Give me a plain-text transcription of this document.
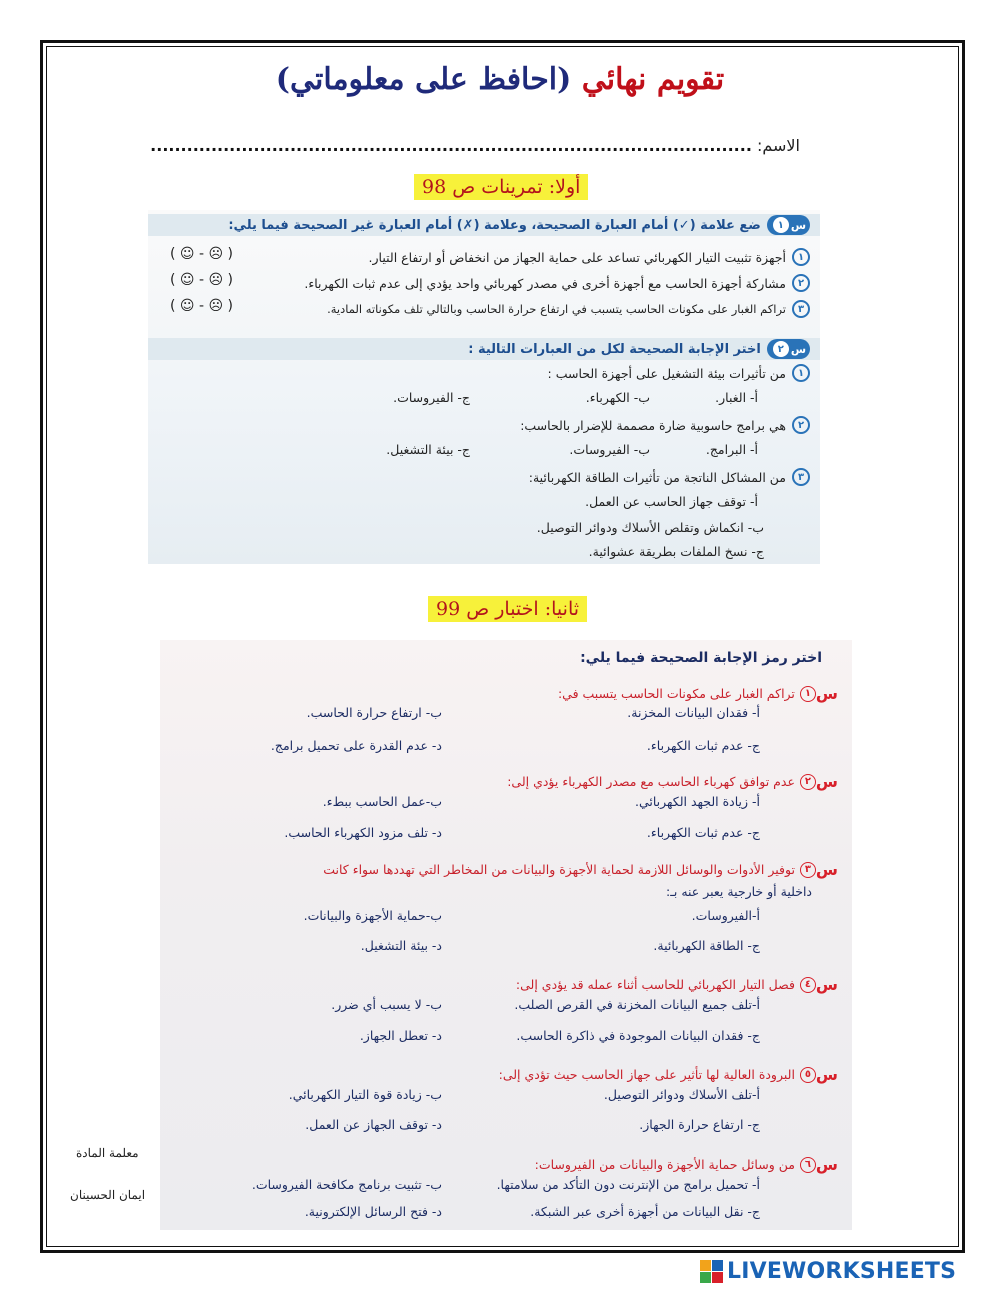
تقويم نهائي (احافظ على معلوماتي)
الاسم: ...................................................................................................
أولا: تمرينات ص 98
س
١
ضع علامة (✓) أمام العبارة الصحيحة، وعلامة (✗) أمام العبارة غير الصحيحة فيما يلي:
١
أجهزة تثبيت التيار الكهربائي تساعد على حماية الجهاز من انخفاض أو ارتفاع التيار.
( ☺ - ☹ )
٢
مشاركة أجهزة الحاسب مع أجهزة أخرى في مصدر كهربائي واحد يؤدي إلى عدم ثبات الكهرباء.
( ☺ - ☹ )
٣
تراكم الغبار على مكونات الحاسب يتسبب في ارتفاع حرارة الحاسب وبالتالي تلف مكوناته المادية.
( ☺ - ☹ )
س
٢
اختر الإجابة الصحيحة لكل من العبارات التالية :
١
من تأثيرات بيئة التشغيل على أجهزة الحاسب :
أ- الغبار.
ب- الكهرباء.
ج- الفيروسات.
٢
هي برامج حاسوبية ضارة مصممة للإضرار بالحاسب:
أ- البرامج.
ب- الفيروسات.
ج- بيئة التشغيل.
٣
من المشاكل الناتجة من تأثيرات الطاقة الكهربائية:
أ- توقف جهاز الحاسب عن العمل.
ب- انكماش وتقلص الأسلاك ودوائر التوصيل.
ج- نسخ الملفات بطريقة عشوائية.
ثانيا: اختبار ص 99
اختر رمز الإجابة الصحيحة فيما يلي:
س
١
تراكم الغبار على مكونات الحاسب يتسبب في:
أ- فقدان البيانات المخزنة.
ب- ارتفاع حرارة الحاسب.
ج- عدم ثبات الكهرباء.
د- عدم القدرة على تحميل برامج.
س
٢
عدم توافق كهرباء الحاسب مع مصدر الكهرباء يؤدي إلى:
أ- زيادة الجهد الكهربائي.
ب-عمل الحاسب ببطء.
ج- عدم ثبات الكهرباء.
د- تلف مزود الكهرباء الحاسب.
س
٣
توفير الأدوات والوسائل اللازمة لحماية الأجهزة والبيانات من المخاطر التي تهددها سواء كانت
داخلية أو خارجية يعبر عنه بـ:
أ-الفيروسات.
ب-حماية الأجهزة والبيانات.
ج- الطاقة الكهربائية.
د- بيئة التشغيل.
س
٤
فصل التيار الكهربائي للحاسب أثناء عمله قد يؤدي إلى:
أ-تلف جميع البيانات المخزنة في القرص الصلب.
ب- لا يسبب أي ضرر.
ج- فقدان البيانات الموجودة في ذاكرة الحاسب.
د- تعطل الجهاز.
س
٥
البرودة العالية لها تأثير على جهاز الحاسب حيث تؤدي إلى:
أ-تلف الأسلاك ودوائر التوصيل.
ب- زيادة قوة التيار الكهربائي.
ج- ارتفاع حرارة الجهاز.
د- توقف الجهاز عن العمل.
س
٦
من وسائل حماية الأجهزة والبيانات من الفيروسات:
أ- تحميل برامج من الإنترنت دون التأكد من سلامتها.
ب- تثبيت برنامج مكافحة الفيروسات.
ج- نقل البيانات من أجهزة أخرى عبر الشبكة.
د- فتح الرسائل الإلكترونية.
معلمة المادة
ايمان الحسينان
LIVEWORKSHEETS
